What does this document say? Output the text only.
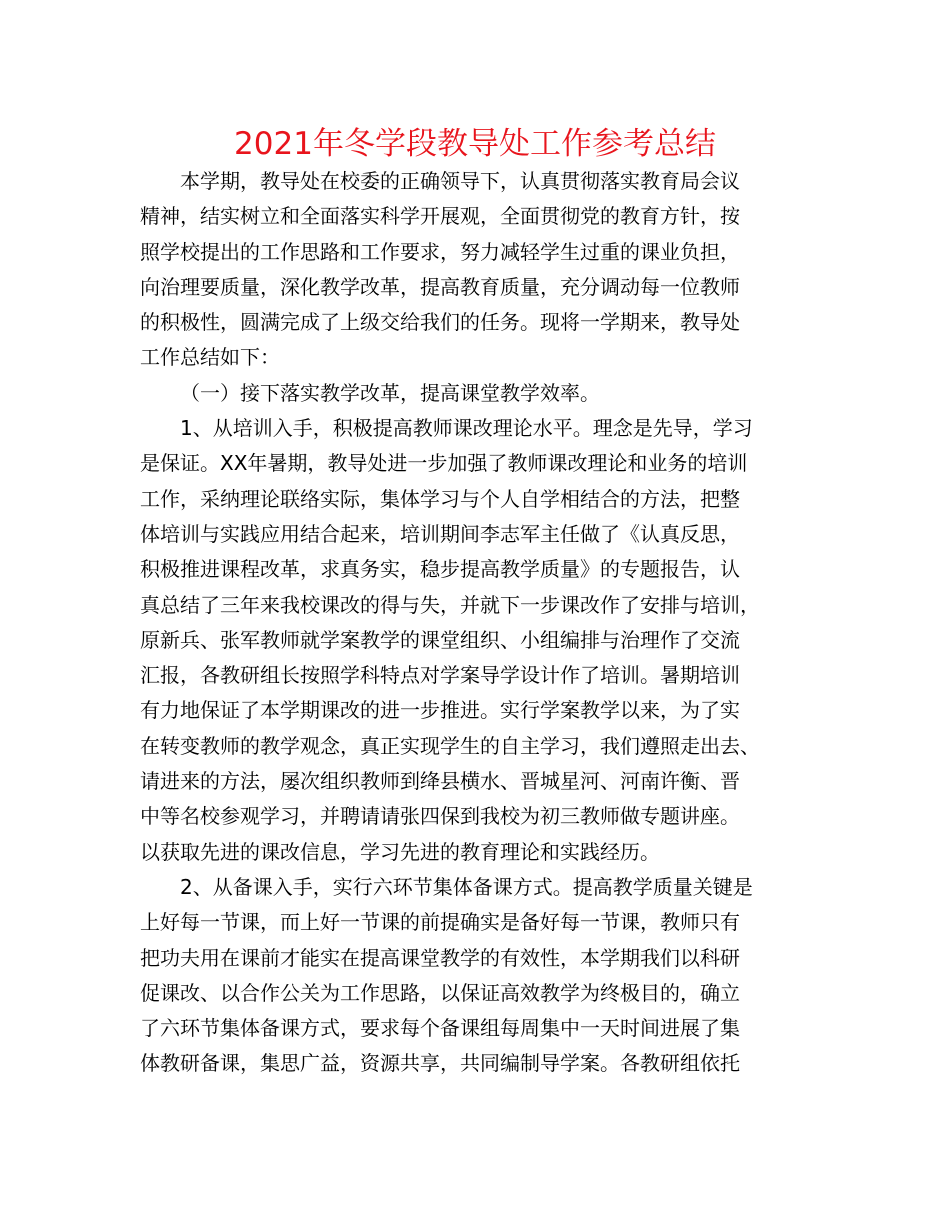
2021年冬学段教导处工作参考总结
本学期，教导处在校委的正确领导下，认真贯彻落实教育局会议
精神，结实树立和全面落实科学开展观，全面贯彻党的教育方针，按
照学校提出的工作思路和工作要求，努力减轻学生过重的课业负担，
向治理要质量，深化教学改革，提高教育质量，充分调动每一位教师
的积极性，圆满完成了上级交给我们的任务。现将一学期来，教导处
工作总结如下：
（一）接下落实教学改革，提高课堂教学效率。
1、从培训入手，积极提高教师课改理论水平。理念是先导，学习
是保证。XX年暑期，教导处进一步加强了教师课改理论和业务的培训
工作，采纳理论联络实际，集体学习与个人自学相结合的方法，把整
体培训与实践应用结合起来，培训期间李志军主任做了《认真反思，
积极推进课程改革，求真务实，稳步提高教学质量》的专题报告，认
真总结了三年来我校课改的得与失，并就下一步课改作了安排与培训，
原新兵、张军教师就学案教学的课堂组织、小组编排与治理作了交流
汇报，各教研组长按照学科特点对学案导学设计作了培训。暑期培训
有力地保证了本学期课改的进一步推进。实行学案教学以来，为了实
在转变教师的教学观念，真正实现学生的自主学习，我们遵照走出去、
请进来的方法，屡次组织教师到绛县横水、晋城星河、河南许衡、晋
中等名校参观学习，并聘请请张四保到我校为初三教师做专题讲座。
以获取先进的课改信息，学习先进的教育理论和实践经历。
2、从备课入手，实行六环节集体备课方式。提高教学质量关键是
上好每一节课，而上好一节课的前提确实是备好每一节课，教师只有
把功夫用在课前才能实在提高课堂教学的有效性，本学期我们以科研
促课改、以合作公关为工作思路，以保证高效教学为终极目的，确立
了六环节集体备课方式，要求每个备课组每周集中一天时间进展了集
体教研备课，集思广益，资源共享，共同编制导学案。各教研组依托
